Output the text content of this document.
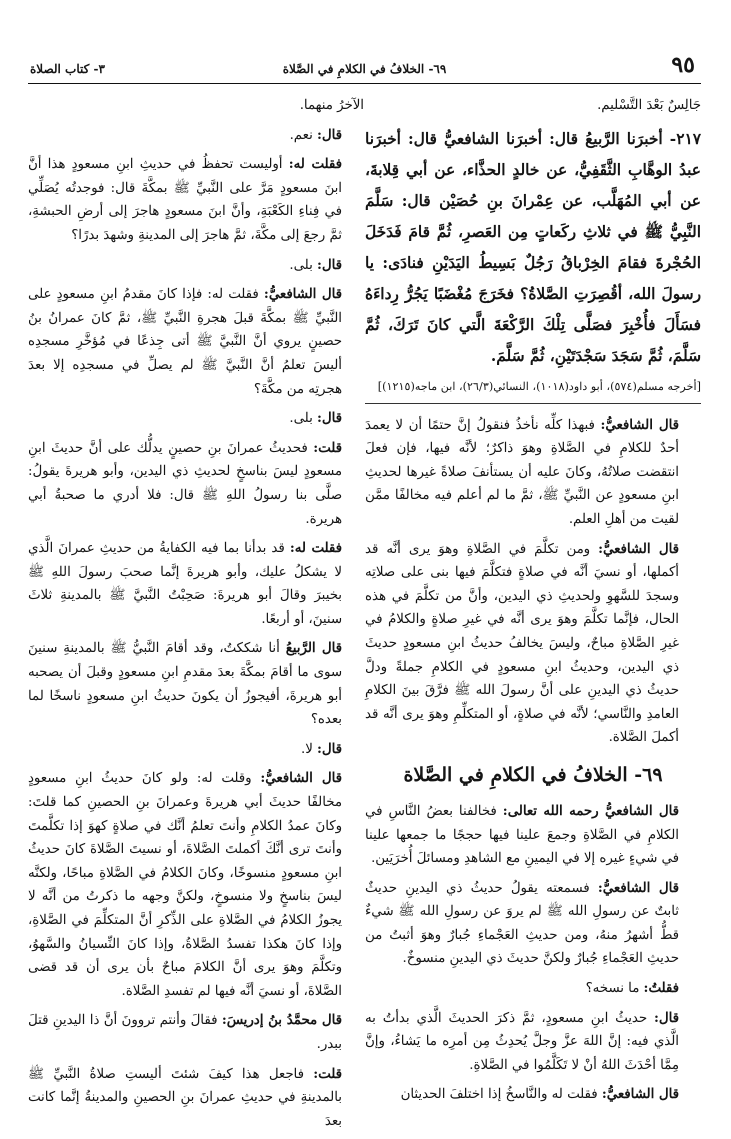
٩٥
٦٩- الخلافُ في الكلامِ في الصَّلاة
٣- كتاب الصلاة

جَالِسٌ بَعْدَ التَّسْليم.

٢١٧- أخبرَنا الرَّبيعُ قال: أخبرَنا الشافعيُّ قال: أخبرَنا عبدُ الوهَّابِ الثَّقَفِيُّ، عن خالدٍ الحذَّاء، عن أبي قِلابةَ، عن أبي المُهَلَّب، عن عِمْرانَ بنِ حُصَيْن قال: سَلَّمَ النَّبِيُّ ﷺ في ثلاثِ ركَعاتٍ مِن العَصرِ، ثُمَّ قامَ فَدَخَلَ الحُجْرةَ فقامَ الخِرْباقُ رَجُلٌ بَسِيطُ اليَدَيْنِ فنادَى: يا رسولَ الله، أقُصِرَتِ الصَّلاةُ؟ فخَرَجَ مُغْضَبًا يَجُرُّ رِداءَهُ فسَأَلَ فأُخْبِرَ فصَلَّى تِلْكَ الرَّكْعَةَ الَّتي كانَ تَرَكَ، ثُمَّ سَلَّمَ، ثُمَّ سَجَدَ سَجْدَتَيْنِ، ثُمَّ سَلَّمَ.

[أخرجه مسلم(٥٧٤)، أبو داود(١٠١٨)، النسائي(٢٦/٣)، ابن ماجه(١٢١٥)]

قال الشافعيُّ: فبهذا كلِّه نأخذُ فنقولُ إنَّ حتمًا أن لا يعمدَ أحدٌ للكلامِ في الصَّلاةِ وهوَ ذاكرٌ؛ لأنَّه فيها، فإن فعلَ انتقضت صلاتُهُ، وكانَ عليه أن يستأنفَ صلاةً غيرها لحديثِ ابنِ مسعودٍ عن النَّبيِّ ﷺ، ثمَّ ما لم أعلم فيه مخالفًا ممَّن لقيت من أهلِ العلم.

قال الشافعيُّ: ومن تكلَّمَ في الصَّلاةِ وهوَ يرى أنَّه قد أكملها، أو نسيَ أنَّه في صلاةٍ فتكلَّمَ فيها بنى على صلاتِه وسجدَ للسَّهوِ ولحديثِ ذي اليدين، وأنَّ من تكلَّمَ في هذه الحال، فإنَّما تكلَّمَ وهوَ يرى أنَّه في غيرِ صلاةٍ والكلامُ في غيرِ الصَّلاةِ مباحٌ، وليسَ يخالفُ حديثُ ابنِ مسعودٍ حديثَ ذي اليدين، وحديثُ ابنِ مسعودٍ في الكلامِ جملةً ودلَّ حديثُ ذي اليدينِ على أنَّ رسولَ الله ﷺ فرَّقَ بينَ الكلامِ العامدِ والنَّاسي؛ لأنَّه في صلاةٍ، أو المتكلِّمِ وهوَ يرى أنَّه قد أكملَ الصَّلاة.

٦٩- الخلافُ في الكلامِ في الصَّلاة

قال الشافعيُّ رحمه الله تعالى: فخالفنا بعضُ النَّاسِ في الكلامِ في الصَّلاةِ وجمعَ علينا فيها حججًا ما جمعها علينا في شيءٍ غيره إلا في اليمينِ مع الشاهدِ ومسائلَ أُخرَيَين.

قال الشافعيُّ: فسمعته يقولُ حديثُ ذي اليدينِ حديثٌ ثابتٌ عن رسولِ الله ﷺ لم يروَ عن رسولِ الله ﷺ شيءٌ قطُّ أشهرُ منهُ، ومن حديثِ العَجْماءِ جُبارٌ وهوَ أثبتُ من حديثِ العَجْماءِ جُبارٌ ولكنَّ حديثَ ذي اليدينِ منسوخٌ.

فقلتُ: ما نسخه؟

قال: حديثُ ابنِ مسعودٍ، ثمَّ ذكرَ الحديثَ الَّذي بدأتُ به الَّذي فيه: إنَّ اللهَ عزَّ وجلَّ يُحدِثُ مِن أمرِه ما يَشاءُ، وإنَّ مِمَّا أحْدَثَ اللهُ أنْ لا تَكَلَّمُوا في الصَّلاةِ.

قال الشافعيُّ: فقلت له والنَّاسخُ إذا اختلفَ الحديثان

الآخرُ منهما.

قال: نعم.

فقلت له: أوليست تحفظُ في حديثِ ابنِ مسعودٍ هذا أنَّ ابنَ مسعودٍ مَرَّ على النَّبيِّ ﷺ بمكَّةَ قال: فوجدتُه يُصَلِّي في فِناءِ الكَعْبَةِ، وأنَّ ابنَ مسعودٍ هاجرَ إلى أرضِ الحبشةِ، ثمَّ رجعَ إلى مكَّةَ، ثمَّ هاجرَ إلى المدينةِ وشهدَ بدرًا؟

قال: بلى.

قال الشافعيُّ: فقلت له: فإذا كانَ مقدمُ ابنِ مسعودٍ على النَّبيِّ ﷺ بمكَّةَ قبلَ هجرةِ النَّبيِّ ﷺ، ثمَّ كانَ عمرانُ بنُ حصينٍ يروي أنَّ النَّبيَّ ﷺ أتى جِذعًا في مُؤخَّرِ مسجدِه أليسَ تعلمُ أنَّ النَّبيَّ ﷺ لم يصلِّ في مسجدِه إلا بعدَ هجرتِه من مكَّةَ؟

قال: بلى.

قلت: فحديثُ عمرانَ بنِ حصينٍ يدلُّك على أنَّ حديثَ ابنِ مسعودٍ ليسَ بناسخٍ لحديثِ ذي اليدين، وأبو هريرةَ يقولُ: صلَّى بنا رسولُ اللهِ ﷺ قال: فلا أدري ما صحبةُ أبي هريرة.

فقلت له: قد بدأنا بما فيه الكفايةُ من حديثِ عمرانَ الَّذي لا يشكلُ عليك، وأبو هريرةَ إنَّما صحبَ رسولَ اللهِ ﷺ بخيبرَ وقالَ أبو هريرةَ: صَحِبْتُ النَّبيَّ ﷺ بالمدينةِ ثلاثَ سنينَ، أو أربعًا.

قال الرَّبيعُ أنا شككتُ، وقد أقامَ النَّبيُّ ﷺ بالمدينةِ سنينَ سوى ما أقامَ بمكَّةَ بعدَ مقدمِ ابنِ مسعودٍ وقبلَ أن يصحبه أبو هريرةَ، أفيجوزُ أن يكونَ حديثُ ابنِ مسعودٍ ناسخًا لما بعده؟

قال: لا.

قال الشافعيُّ: وقلت له: ولو كانَ حديثُ ابنِ مسعودٍ مخالفًا حديثَ أبي هريرةَ وعمرانَ بنِ الحصينِ كما قلتَ: وكانَ عمدُ الكلامِ وأنتَ تعلمُ أنَّك في صلاةٍ كهوَ إذا تكلَّمتَ وأنتَ ترى أنَّكَ أكملتَ الصَّلاةَ، أو نسيتَ الصَّلاةَ كانَ حديثُ ابنِ مسعودٍ منسوخًا، وكانَ الكلامُ في الصَّلاةِ مباحًا، ولكنَّه ليسَ بناسخٍ ولا منسوخٍ، ولكنَّ وجهه ما ذكرتُ من أنَّه لا يجوزُ الكلامُ في الصَّلاةِ على الذِّكرِ أنَّ المتكلِّمَ في الصَّلاةِ، وإذا كانَ هكذا تفسدُ الصَّلاةُ، وإذا كانَ النِّسيانُ والسَّهوُ، وتكلَّمَ وهوَ يرى أنَّ الكلامَ مباحٌ بأن يرى أن قد قضى الصَّلاةَ، أو نسيَ أنَّه فيها لم تفسدِ الصَّلاة.

قال محمَّدُ بنُ إدريسَ: فقالَ وأنتم تروونَ أنَّ ذا اليدينِ قتلَ ببدر.

قلت: فاجعل هذا كيفَ شئتَ أليستِ صلاةُ النَّبيِّ ﷺ بالمدينةِ في حديثِ عمرانَ بنِ الحصينِ والمدينةُ إنَّما كانت بعدَ
